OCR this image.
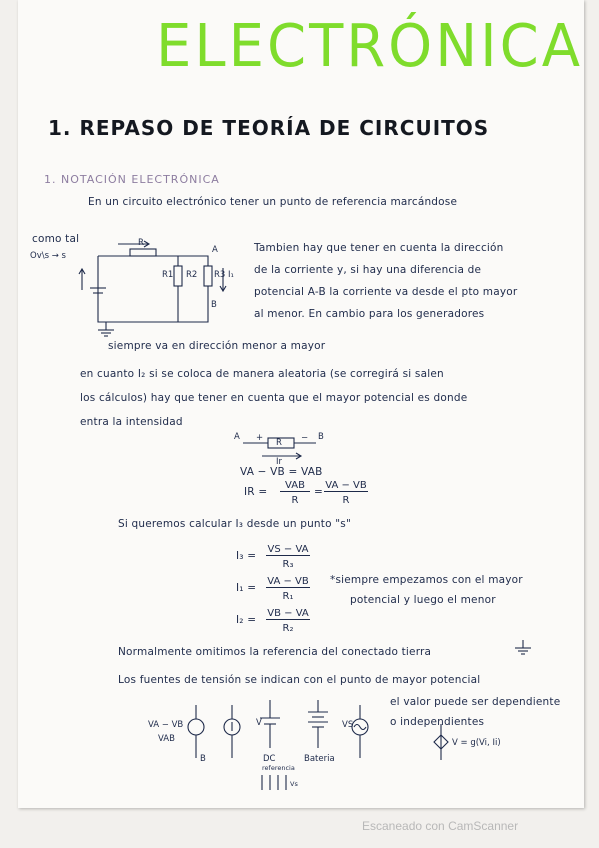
ELECTRÓNICA
1. REPASO DE TEORÍA DE CIRCUITOS
1. NOTACIÓN ELECTRÓNICA
En un circuito electrónico tener un punto de referencia marcándose
como tal
Ov\s → s
R
R1 R2 R3
A
B
I₁
Tambien hay que tener en cuenta la dirección
de la corriente y, si hay una diferencia de
potencial A-B la corriente va desde el pto mayor
al menor. En cambio para los generadores
siempre va en dirección menor a mayor
en cuanto I₂ si se coloca de manera aleatoria (se corregirá si salen
los cálculos) hay que tener en cuenta que el mayor potencial es donde
entra la intensidad
A	B
R
+	−
Ir
VA − VB = VAB
IR =
VAB
R
=
VA − VB
R
Si queremos calcular I₃ desde un punto "s"
I₃ =
VS − VA
R₃
I₁ =
VA − VB
R₁
I₂ =
VB − VA
R₂
*siempre empezamos con el mayor
potencial y luego el menor
Normalmente omitimos la referencia del conectado tierra
Los fuentes de tensión se indican con el punto de mayor potencial
el valor puede ser dependiente
o independientes
VA − VB
VAB
B
V
DC	Bateria
VS
V = g(Vi, Ii)
referencia
Vs
Escaneado con CamScanner
